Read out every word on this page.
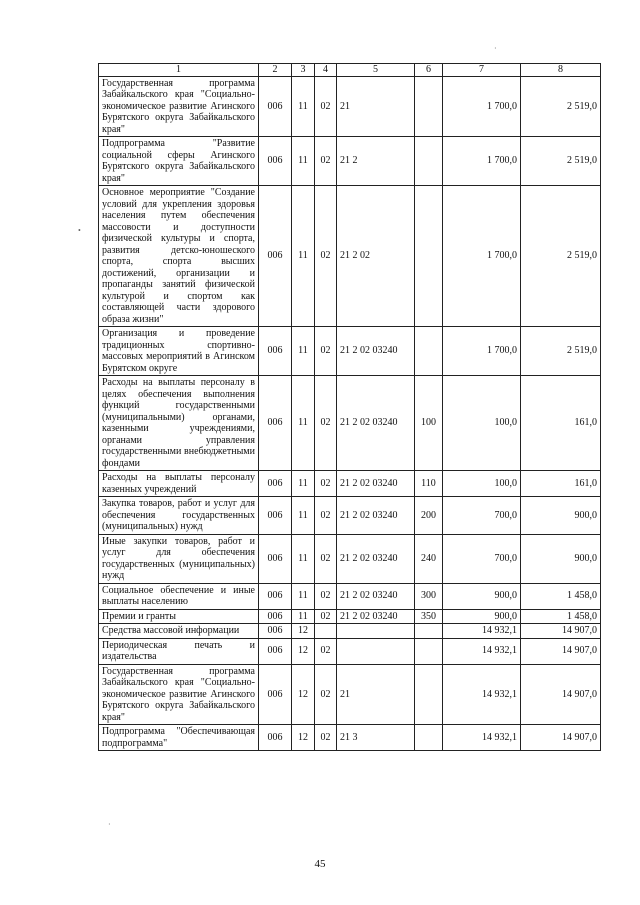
·
•
·
1	2	3	4	5	6	7	8
Государственная программа Забайкальского края "Социально-экономическое развитие Агинского Бурятского округа Забайкальского края"	006	11	02	21		1 700,0	2 519,0
Подпрограмма "Развитие социальной сферы Агинского Бурятского округа Забайкальского края"	006	11	02	21 2		1 700,0	2 519,0
Основное мероприятие "Создание условий для укрепления здоровья населения путем обеспечения массовости и доступности физической культуры и спорта, развития детско-юношеского спорта, спорта высших достижений, организации и пропаганды занятий физической культурой и спортом как составляющей части здорового образа жизни"	006	11	02	21 2 02		1 700,0	2 519,0
Организация и проведение традиционных спортивно-массовых мероприятий в Агинском Бурятском округе	006	11	02	21 2 02 03240		1 700,0	2 519,0
Расходы на выплаты персоналу в целях обеспечения выполнения функций государственными (муниципальными) органами, казенными учреждениями, органами управления государственными внебюджетными фондами	006	11	02	21 2 02 03240	100	100,0	161,0
Расходы на выплаты персоналу казенных учреждений	006	11	02	21 2 02 03240	110	100,0	161,0
Закупка товаров, работ и услуг для обеспечения государственных (муниципальных) нужд	006	11	02	21 2 02 03240	200	700,0	900,0
Иные закупки товаров, работ и услуг для обеспечения государственных (муниципальных) нужд	006	11	02	21 2 02 03240	240	700,0	900,0
Социальное обеспечение и иные выплаты населению	006	11	02	21 2 02 03240	300	900,0	1 458,0
Премии и гранты	006	11	02	21 2 02 03240	350	900,0	1 458,0
Средства массовой информации	006	12				14 932,1	14 907,0
Периодическая печать и издательства	006	12	02			14 932,1	14 907,0
Государственная программа Забайкальского края "Социально-экономическое развитие Агинского Бурятского округа Забайкальского края"	006	12	02	21		14 932,1	14 907,0
Подпрограмма "Обеспечивающая подпрограмма"	006	12	02	21 3		14 932,1	14 907,0
45
